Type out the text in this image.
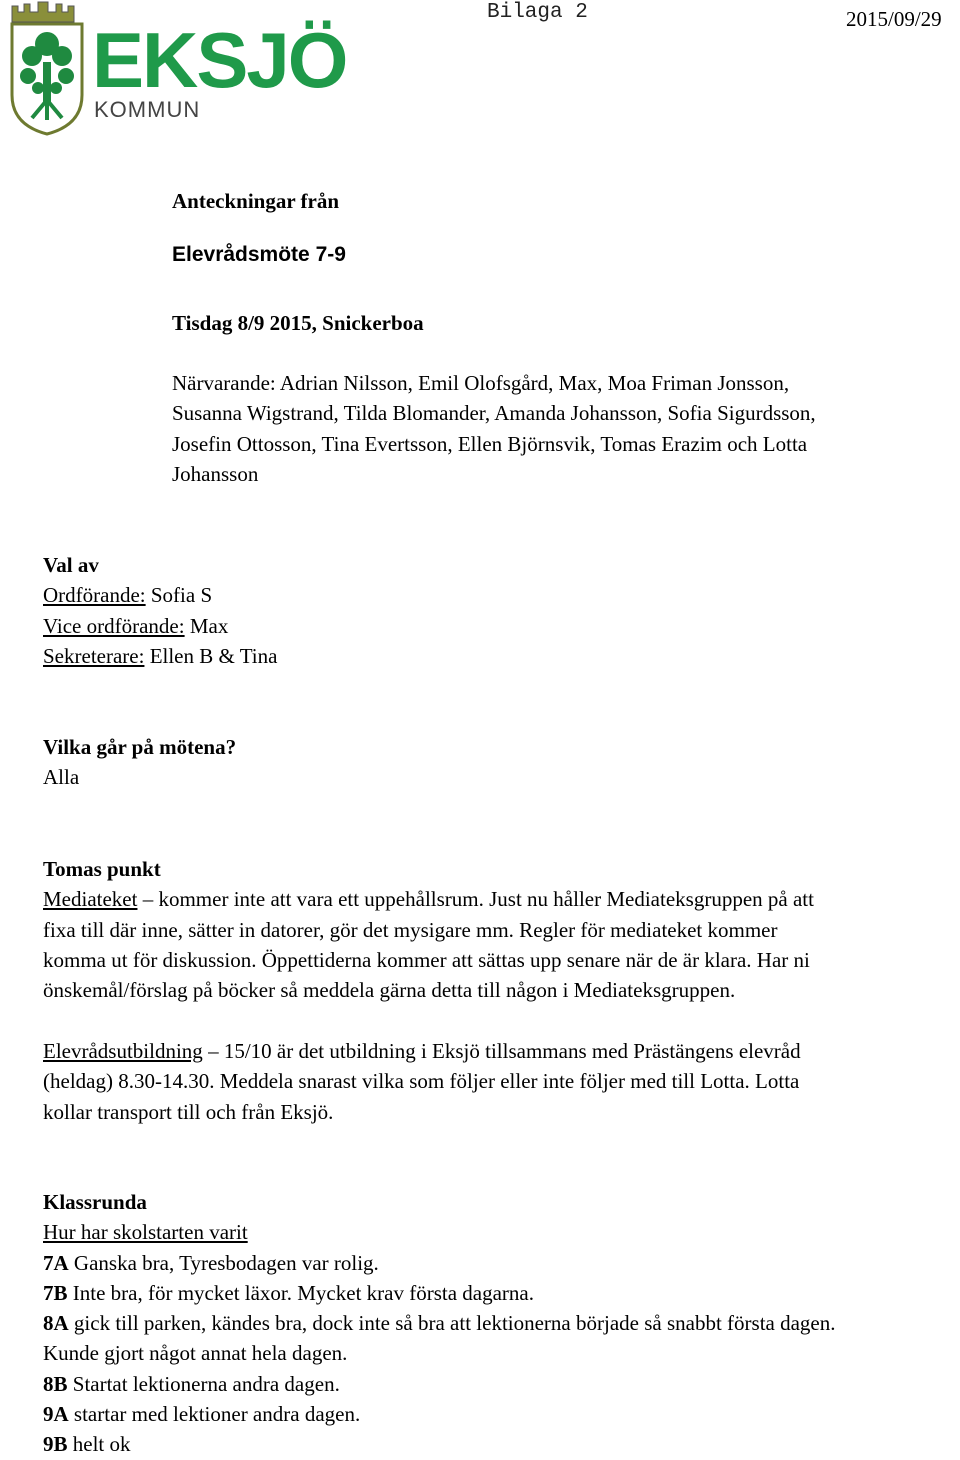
Bilaga 2	2015/09/29
EKSJÖ
KOMMUN
Anteckningar från
Elevrådsmöte 7-9
Tisdag 8/9 2015, Snickerboa

Närvarande: Adrian Nilsson, Emil Olofsgård, Max, Moa Friman Jonsson,

Susanna Wigstrand, Tilda Blomander, Amanda Johansson, Sofia Sigurdsson,

Josefin Ottosson, Tina Evertsson, Ellen Björnsvik, Tomas Erazim och Lotta

Johansson

Val av

Ordförande: Sofia S

Vice ordförande: Max

Sekreterare: Ellen B & Tina

Vilka går på mötena?

Alla

Tomas punkt

Mediateket – kommer inte att vara ett uppehållsrum. Just nu håller Mediateksgruppen på att

fixa till där inne, sätter in datorer, gör det mysigare mm. Regler för mediateket kommer

komma ut för diskussion. Öppettiderna kommer att sättas upp senare när de är klara. Har ni

önskemål/förslag på böcker så meddela gärna detta till någon i Mediateksgruppen.

Elevrådsutbildning – 15/10 är det utbildning i Eksjö tillsammans med Prästängens elevråd

(heldag) 8.30-14.30. Meddela snarast vilka som följer eller inte följer med till Lotta. Lotta

kollar transport till och från Eksjö.

Klassrunda

Hur har skolstarten varit

7A Ganska bra, Tyresbodagen var rolig.

7B Inte bra, för mycket läxor. Mycket krav första dagarna.

8A gick till parken, kändes bra, dock inte så bra att lektionerna började så snabbt första dagen.

Kunde gjort något annat hela dagen.

8B Startat lektionerna andra dagen.

9A startar med lektioner andra dagen.

9B helt ok
